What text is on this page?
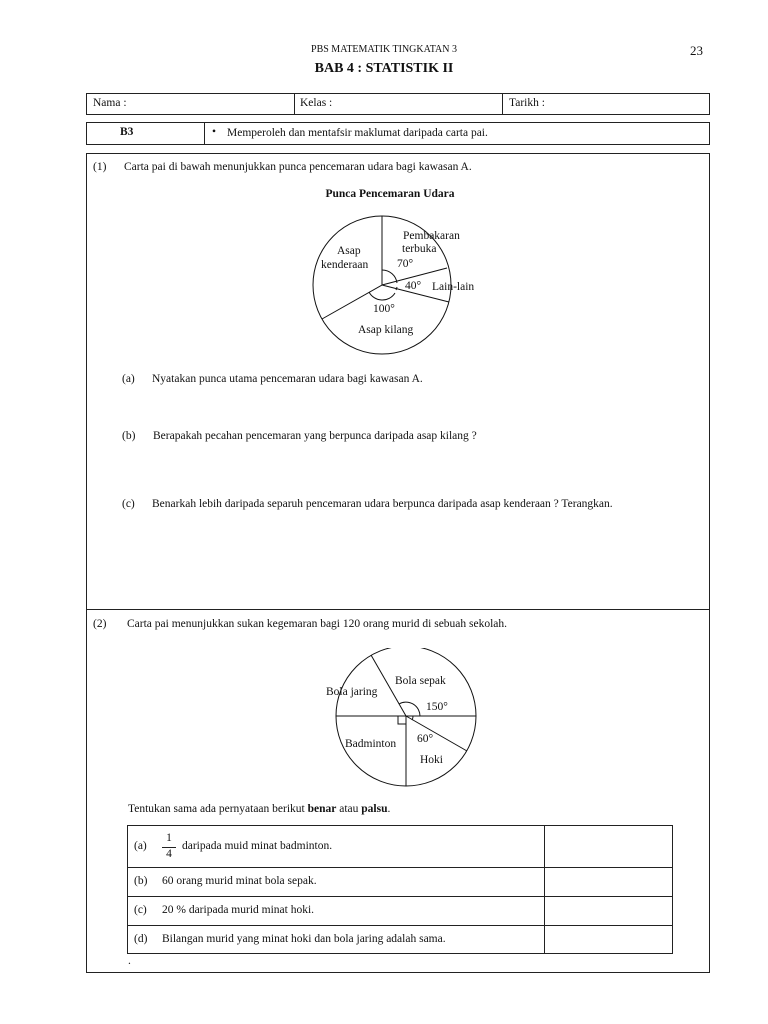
PBS MATEMATIK TINGKATAN 3	23
BAB 4 : STATISTIK II
Nama :	Kelas :	Tarikh :
B3	• Memperoleh dan mentafsir maklumat daripada carta pai.
(1) Carta pai di bawah menunjukkan punca pencemaran udara bagi kawasan A.
Punca Pencemaran Udara
Pembakaran
terbuka
Asap
kenderaan	70°
40° Lain-lain
100°
Asap kilang
(a) Nyatakan punca utama pencemaran udara bagi kawasan A.
(b) Berapakah pecahan pencemaran yang berpunca daripada asap kilang ?
(c) Benarkah lebih daripada separuh pencemaran udara berpunca daripada asap kenderaan ? Terangkan.
(2) Carta pai menunjukkan sukan kegemaran bagi 120 orang murid di sebuah sekolah.
Bola sepak
150°
Bola jaring
60°
Hoki
Badminton
Tentukan sama ada pernyataan berikut benar atau palsu.
(a)
1
4
daripada muid minat badminton.
(b) 60 orang murid minat bola sepak.
(c) 20 % daripada murid minat hoki.
(d) Bilangan murid yang minat hoki dan bola jaring adalah sama.
.
